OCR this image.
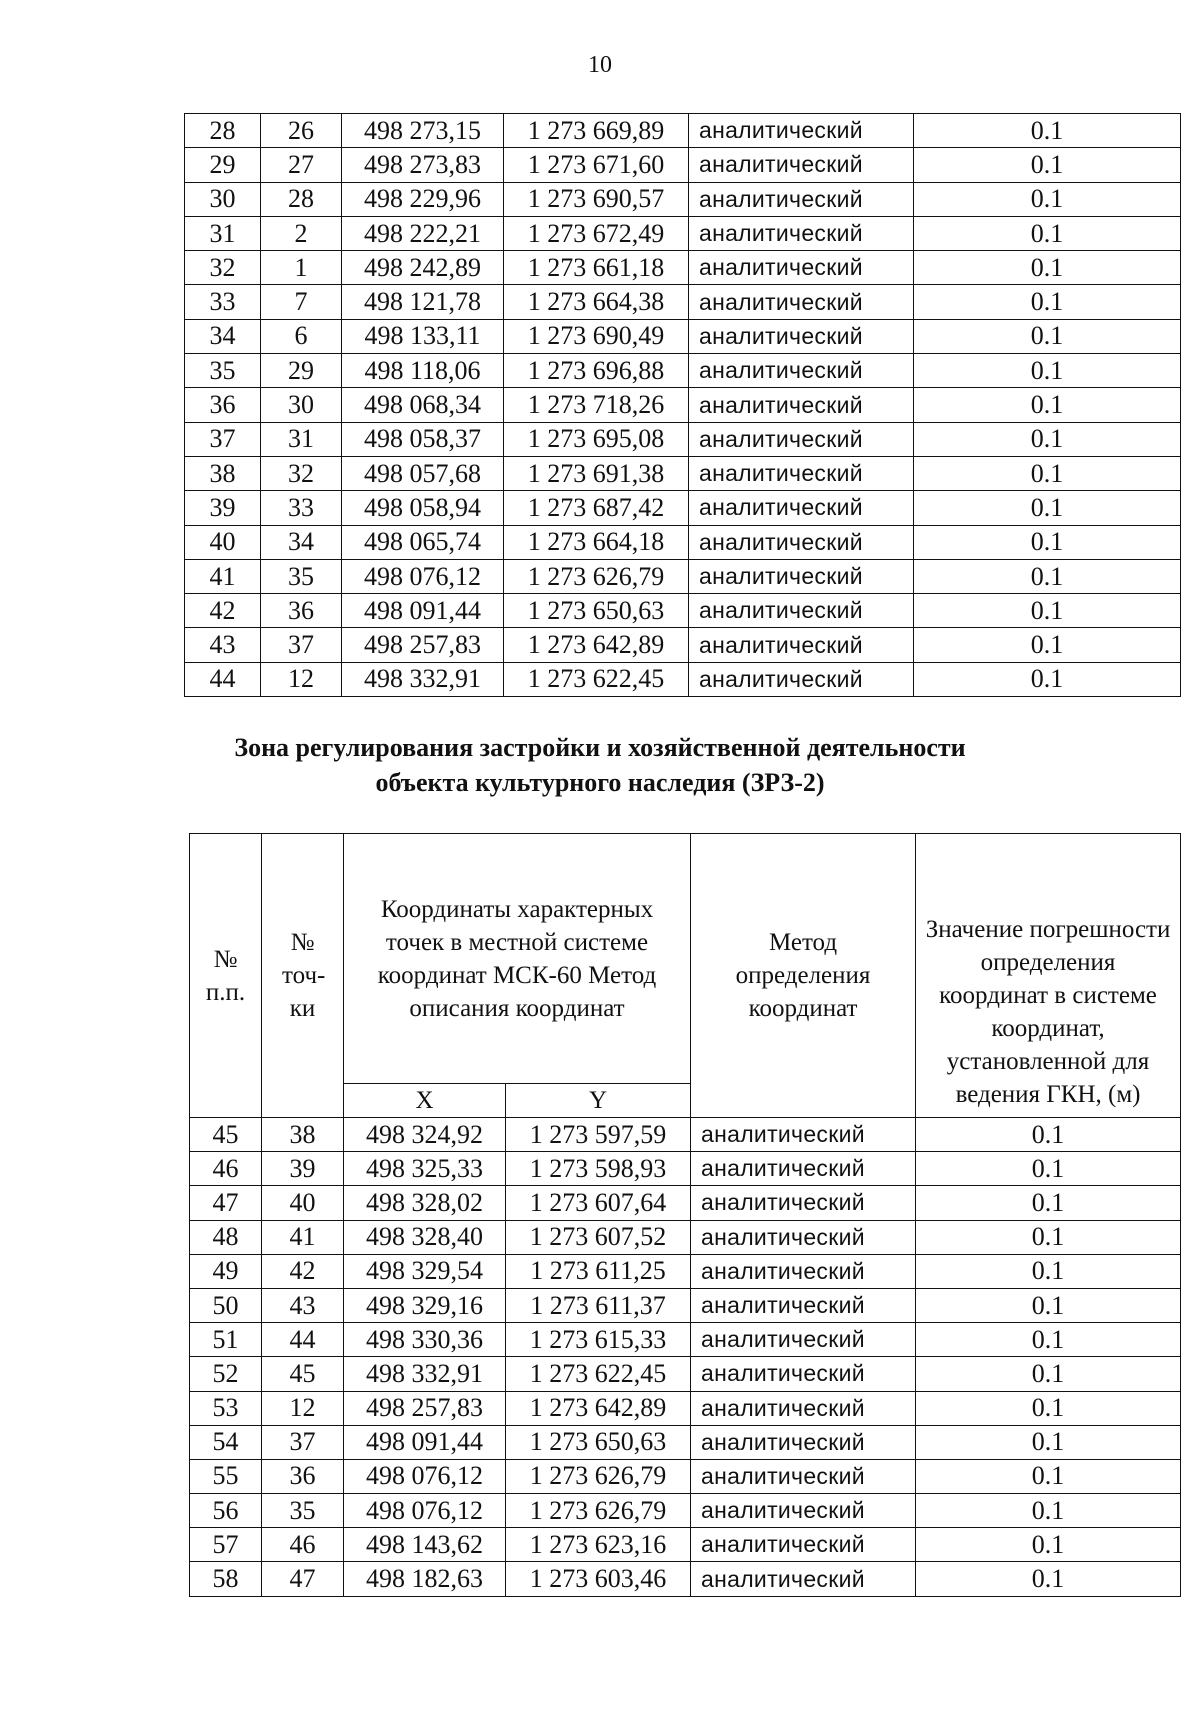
10
28	26	498 273,15	1 273 669,89	аналитический	0.1
29	27	498 273,83	1 273 671,60	аналитический	0.1
30	28	498 229,96	1 273 690,57	аналитический	0.1
31	2	498 222,21	1 273 672,49	аналитический	0.1
32	1	498 242,89	1 273 661,18	аналитический	0.1
33	7	498 121,78	1 273 664,38	аналитический	0.1
34	6	498 133,11	1 273 690,49	аналитический	0.1
35	29	498 118,06	1 273 696,88	аналитический	0.1
36	30	498 068,34	1 273 718,26	аналитический	0.1
37	31	498 058,37	1 273 695,08	аналитический	0.1
38	32	498 057,68	1 273 691,38	аналитический	0.1
39	33	498 058,94	1 273 687,42	аналитический	0.1
40	34	498 065,74	1 273 664,18	аналитический	0.1
41	35	498 076,12	1 273 626,79	аналитический	0.1
42	36	498 091,44	1 273 650,63	аналитический	0.1
43	37	498 257,83	1 273 642,89	аналитический	0.1
44	12	498 332,91	1 273 622,45	аналитический	0.1
Зона регулирования застройки и хозяйственной деятельности
объекта культурного наследия (ЗРЗ-2)
№ п.п.	№ точ- ки	Координаты характерных точек в местной системе координат МСК-60 Метод описания координат		Метод определения координат	Значение погрешности определения координат в системе координат, установленной для ведения ГКН, (м)
		X	Y		
45	38	498 324,92	1 273 597,59	аналитический	0.1
46	39	498 325,33	1 273 598,93	аналитический	0.1
47	40	498 328,02	1 273 607,64	аналитический	0.1
48	41	498 328,40	1 273 607,52	аналитический	0.1
49	42	498 329,54	1 273 611,25	аналитический	0.1
50	43	498 329,16	1 273 611,37	аналитический	0.1
51	44	498 330,36	1 273 615,33	аналитический	0.1
52	45	498 332,91	1 273 622,45	аналитический	0.1
53	12	498 257,83	1 273 642,89	аналитический	0.1
54	37	498 091,44	1 273 650,63	аналитический	0.1
55	36	498 076,12	1 273 626,79	аналитический	0.1
56	35	498 076,12	1 273 626,79	аналитический	0.1
57	46	498 143,62	1 273 623,16	аналитический	0.1
58	47	498 182,63	1 273 603,46	аналитический	0.1
